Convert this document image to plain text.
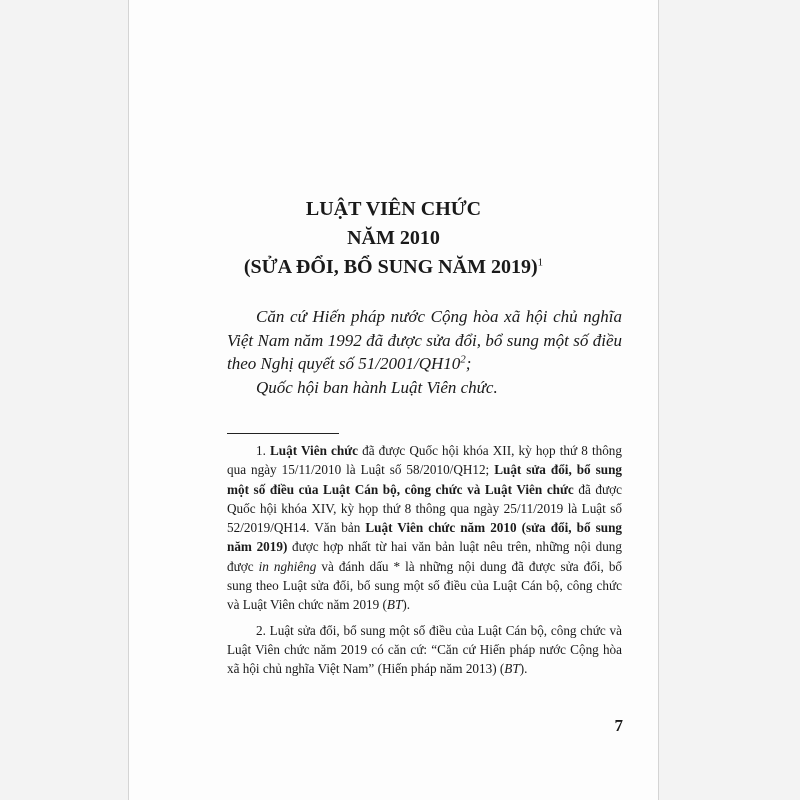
LUẬT VIÊN CHỨC
NĂM 2010
(SỬA ĐỔI, BỔ SUNG NĂM 2019)$^1$

Căn cứ Hiến pháp nước Cộng hòa xã hội chủ nghĩa Việt Nam năm 1992 đã được sửa đổi, bổ sung một số điều theo Nghị quyết số $51/2001/QH10^2$;

Quốc hội ban hành Luật Viên chức.

1. Luật Viên chức đã được Quốc hội khóa XII, kỳ họp thứ 8 thông qua ngày 15/11/2010 là Luật số 58/2010/QH12; Luật sửa đổi, bổ sung một số điều của Luật Cán bộ, công chức và Luật Viên chức đã được Quốc hội khóa XIV, kỳ họp thứ 8 thông qua ngày 25/11/2019 là Luật số 52/2019/QH14. Văn bản Luật Viên chức năm 2010 (sửa đổi, bổ sung năm 2019) được hợp nhất từ hai văn bản luật nêu trên, những nội dung được in nghiêng và đánh dấu * là những nội dung đã được sửa đổi, bổ sung theo Luật sửa đổi, bổ sung một số điều của Luật Cán bộ, công chức và Luật Viên chức năm 2019 (BT).

2. Luật sửa đổi, bổ sung một số điều của Luật Cán bộ, công chức và Luật Viên chức năm 2019 có căn cứ: “Căn cứ Hiến pháp nước Cộng hòa xã hội chủ nghĩa Việt Nam” (Hiến pháp năm 2013) (BT).

7
